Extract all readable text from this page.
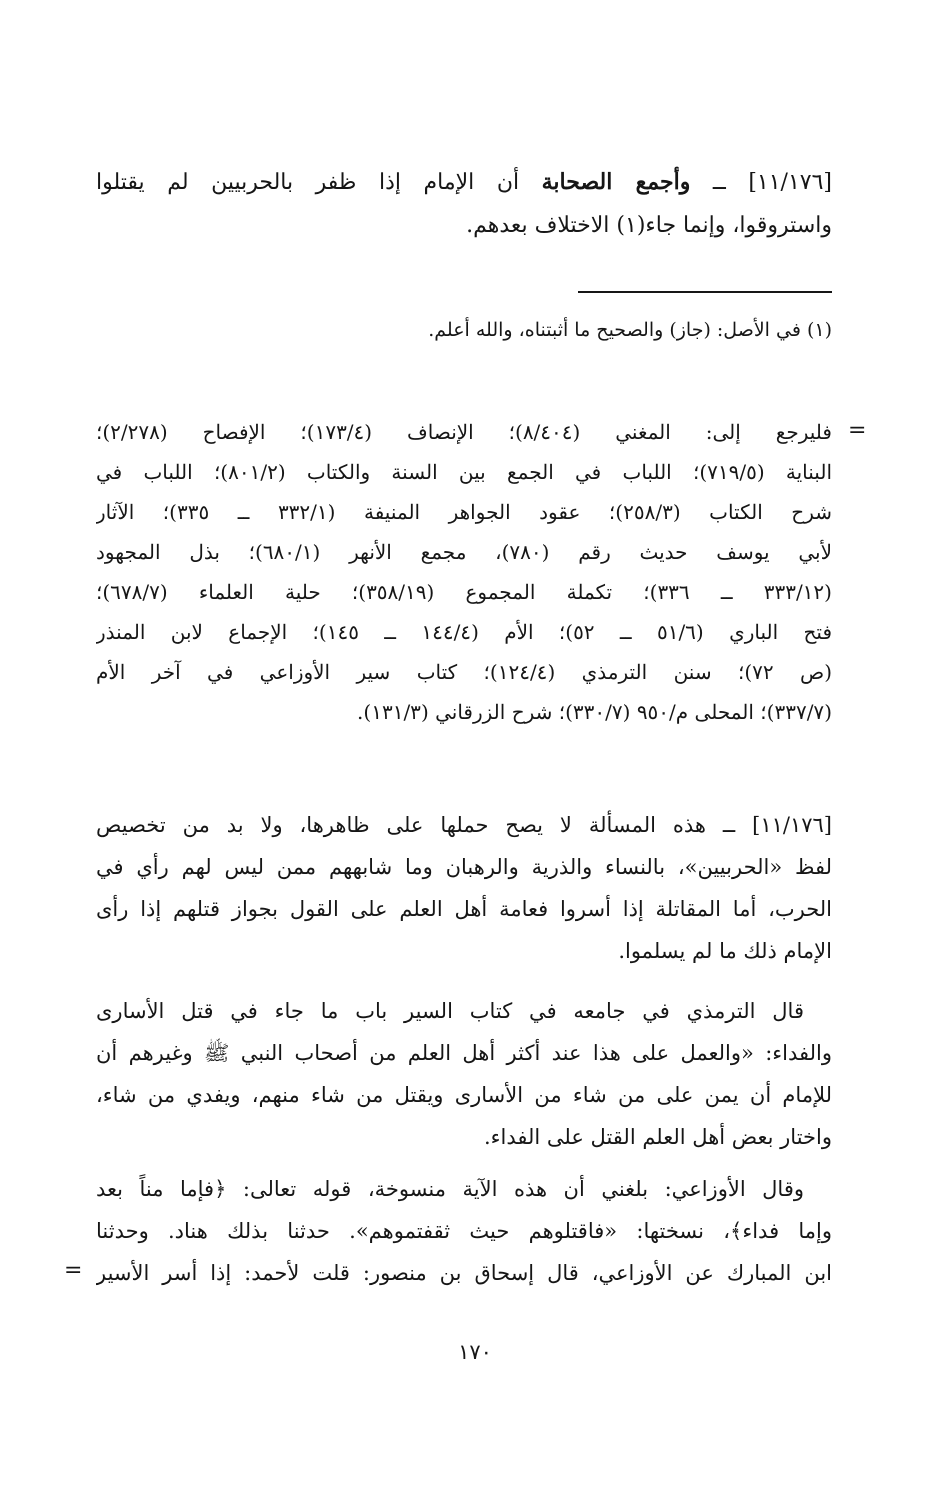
[١١/١٧٦] ــ وأجمع الصحابة أن الإمام إذا ظفر بالحربيين لم يقتلوا
واستروقوا، وإنما جاء(١) الاختلاف بعدهم.
(١) في الأصل: (جاز) والصحيح ما أثبتناه، والله أعلم.
=
فليرجع إلى: المغني (٨/٤٠٤)؛ الإنصاف (١٧٣/٤)؛ الإفصاح (٢/٢٧٨)؛
البناية (٧١٩/٥)؛ اللباب في الجمع بين السنة والكتاب (٨٠١/٢)؛ اللباب في
شرح الكتاب (٢٥٨/٣)؛ عقود الجواهر المنيفة (٣٣٢/١ ــ ٣٣٥)؛ الآثار
لأبي يوسف حديث رقم (٧٨٠)، مجمع الأنهر (٦٨٠/١)؛ بذل المجهود
(٣٣٣/١٢ ــ ٣٣٦)؛ تكملة المجموع (٣٥٨/١٩)؛ حلية العلماء (٦٧٨/٧)؛
فتح الباري (٥١/٦ ــ ٥٢)؛ الأم (١٤٤/٤ ــ ١٤٥)؛ الإجماع لابن المنذر
(ص ٧٢)؛ سنن الترمذي (١٢٤/٤)؛ كتاب سير الأوزاعي في آخر الأم
(٣٣٧/٧)؛ المحلى م/٩٥٠ (٣٣٠/٧)؛ شرح الزرقاني (١٣١/٣).
[١١/١٧٦] ــ هذه المسألة لا يصح حملها على ظاهرها، ولا بد من تخصيص
لفظ «الحربيين»، بالنساء والذرية والرهبان وما شابههم ممن ليس لهم رأي في
الحرب، أما المقاتلة إذا أسروا فعامة أهل العلم على القول بجواز قتلهم إذا رأى
الإمام ذلك ما لم يسلموا.
قال الترمذي في جامعه في كتاب السير باب ما جاء في قتل الأسارى
والفداء: «والعمل على هذا عند أكثر أهل العلم من أصحاب النبي ﷺ وغيرهم أن
للإمام أن يمن على من شاء من الأسارى ويقتل من شاء منهم، ويفدي من شاء،
واختار بعض أهل العلم القتل على الفداء.
وقال الأوزاعي: بلغني أن هذه الآية منسوخة، قوله تعالى: ﴿فإما مناً بعد
وإما فداء﴾، نسختها: «فاقتلوهم حيث ثقفتموهم». حدثنا بذلك هناد. وحدثنا
ابن المبارك عن الأوزاعي، قال إسحاق بن منصور: قلت لأحمد: إذا أسر الأسير
=
١٧٠
